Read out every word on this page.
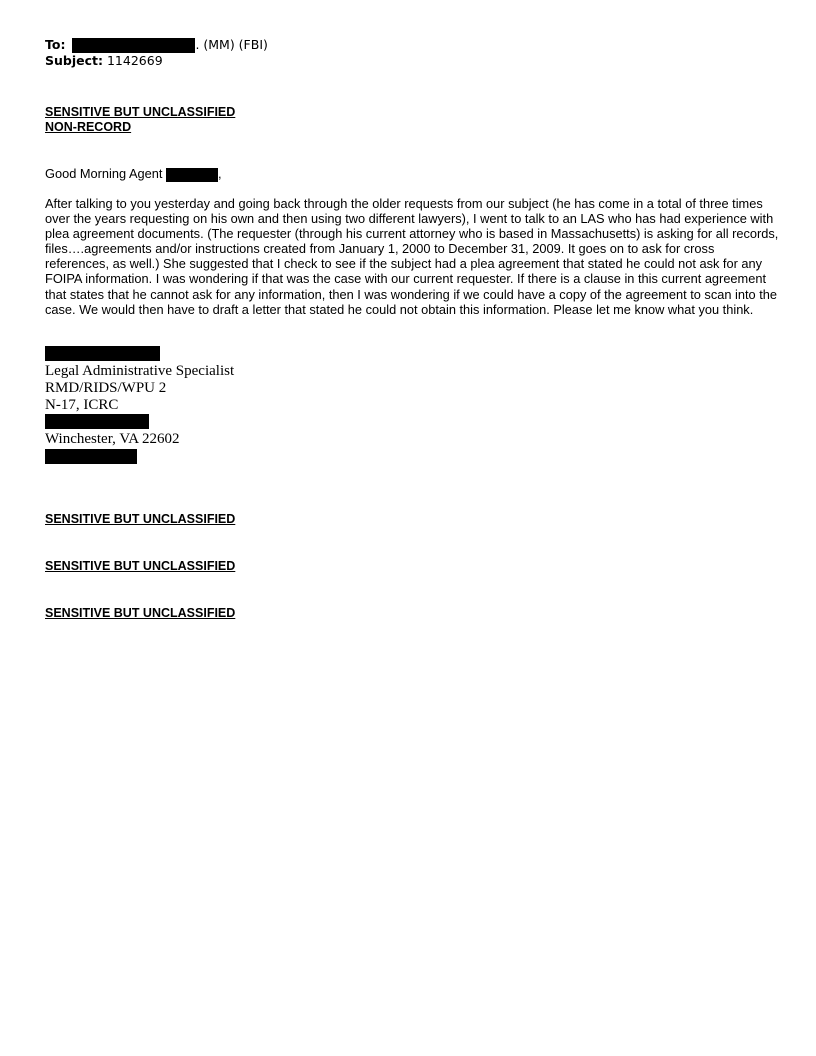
To:	. (MM) (FBI)
Subject: 1142669
SENSITIVE BUT UNCLASSIFIED
NON-RECORD
Good Morning Agent	,
After talking to you yesterday and going back through the older requests from our subject (he has come in a total of three times over the years requesting on his own and then using two different lawyers), I went to talk to an LAS who has had experience with plea agreement documents. (The requester (through his current attorney who is based in Massachusetts) is asking for all records, files….agreements and/or instructions created from January 1, 2000 to December 31, 2009. It goes on to ask for cross references, as well.) She suggested that I check to see if the subject had a plea agreement that stated he could not ask for any FOIPA information. I was wondering if that was the case with our current requester. If there is a clause in this current agreement that states that he cannot ask for any information, then I was wondering if we could have a copy of the agreement to scan into the case. We would then have to draft a letter that stated he could not obtain this information. Please let me know what you think.
Legal Administrative Specialist
RMD/RIDS/WPU 2
N-17, ICRC
Winchester, VA 22602
SENSITIVE BUT UNCLASSIFIED
SENSITIVE BUT UNCLASSIFIED
SENSITIVE BUT UNCLASSIFIED
